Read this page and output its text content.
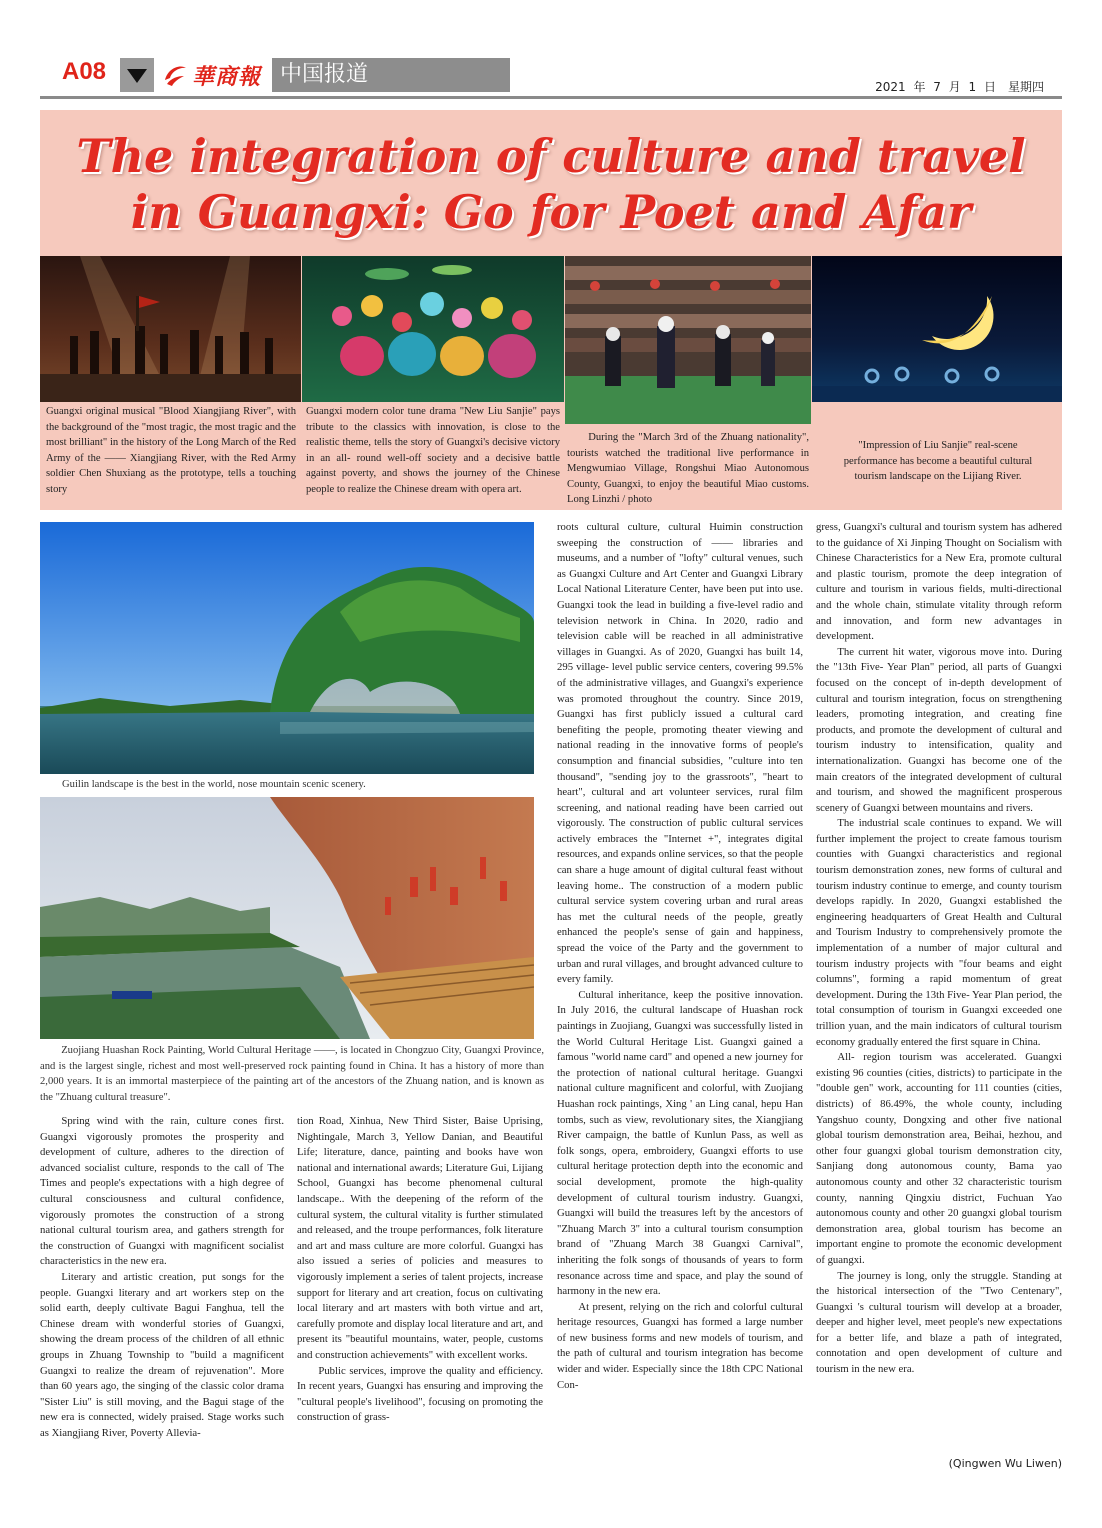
A08	華商報 中国报道	2021 年 7 月 1 日　星期四
The integration of culture and travel
in Guangxi: Go for Poet and Afar

Guangxi original musical "Blood Xiangjiang River", with the background of the "most tragic, the most tragic and the most brilliant" in the history of the Long March of the Red Army of the —— Xiangjiang River, with the Red Army soldier Chen Shuxiang as the prototype, tells a touching story

Guangxi modern color tune drama "New Liu Sanjie" pays tribute to the classics with innovation, is close to the realistic theme, tells the story of Guangxi's decisive victory in an all- round well-off society and a decisive battle against poverty, and shows the journey of the Chinese people to realize the Chinese dream with opera art.

During the "March 3rd of the Zhuang nationality", tourists watched the traditional live performance in Mengwumiao Village, Rongshui Miao Autonomous County, Guangxi, to enjoy the beautiful Miao customs. Long Linzhi / photo

"Impression of Liu Sanjie" real-scene performance has become a beautiful cultural tourism landscape on the Lijiang River.

Guilin landscape is the best in the world, nose mountain scenic scenery.

Zuojiang Huashan Rock Painting, World Cultural Heritage ——, is located in Chongzuo City, Guangxi Province, and is the largest single, richest and most well-preserved rock painting found in China. It has a history of more than 2,000 years. It is an immortal masterpiece of the painting art of the ancestors of the Zhuang nation, and is known as the "Zhuang cultural treasure".

Spring wind with the rain, culture cones first. Guangxi vigorously promotes the prosperity and development of culture, adheres to the direction of advanced socialist culture, responds to the call of The Times and people's expectations with a high degree of cultural consciousness and cultural confidence, vigorously promotes the construction of a strong national cultural tourism area, and gathers strength for the construction of Guangxi with magnificent socialist characteristics in the new era.

Literary and artistic creation, put songs for the people. Guangxi literary and art workers step on the solid earth, deeply cultivate Bagui Fanghua, tell the Chinese dream with wonderful stories of Guangxi, showing the dream process of the children of all ethnic groups in Zhuang Township to "build a magnificent Guangxi to realize the dream of rejuvenation". More than 60 years ago, the singing of the classic color drama "Sister Liu" is still moving, and the Bagui stage of the new era is connected, widely praised. Stage works such as Xiangjiang River, Poverty Allevia-

tion Road, Xinhua, New Third Sister, Baise Uprising, Nightingale, March 3, Yellow Danian, and Beautiful Life; literature, dance, painting and books have won national and international awards; Literature Gui, Lijiang School, Guangxi has become phenomenal cultural landscape.. With the deepening of the reform of the cultural system, the cultural vitality is further stimulated and released, and the troupe performances, folk literature and art and mass culture are more colorful. Guangxi has also issued a series of policies and measures to vigorously implement a series of talent projects, increase support for literary and art creation, focus on cultivating local literary and art masters with both virtue and art, carefully promote and display local literature and art, and present its "beautiful mountains, water, people, customs and construction achievements" with excellent works.

Public services, improve the quality and efficiency. In recent years, Guangxi has ensuring and improving the "cultural people's livelihood", focusing on promoting the construction of grass-

roots cultural culture, cultural Huimin construction sweeping the construction of —— libraries and museums, and a number of "lofty" cultural venues, such as Guangxi Culture and Art Center and Guangxi Library Local National Literature Center, have been put into use. Guangxi took the lead in building a five-level radio and television network in China. In 2020, radio and television cable will be reached in all administrative villages in Guangxi. As of 2020, Guangxi has built 14, 295 village- level public service centers, covering 99.5% of the administrative villages, and Guangxi's experience was promoted throughout the country. Since 2019, Guangxi has first publicly issued a cultural card benefiting the people, promoting theater viewing and national reading in the innovative forms of people's consumption and financial subsidies, "culture into ten thousand", "sending joy to the grassroots", "heart to heart", cultural and art volunteer services, rural film screening, and national reading have been carried out vigorously. The construction of public cultural services actively embraces the "Internet +", integrates digital resources, and expands online services, so that the people can share a huge amount of digital cultural feast without leaving home.. The construction of a modern public cultural service system covering urban and rural areas has met the cultural needs of the people, greatly enhanced the people's sense of gain and happiness, spread the voice of the Party and the government to urban and rural villages, and brought advanced culture to every family.

Cultural inheritance, keep the positive innovation. In July 2016, the cultural landscape of Huashan rock paintings in Zuojiang, Guangxi was successfully listed in the World Cultural Heritage List. Guangxi gained a famous "world name card" and opened a new journey for the protection of national cultural heritage. Guangxi national culture magnificent and colorful, with Zuojiang Huashan rock paintings, Xing ' an Ling canal, hepu Han tombs, such as view, revolutionary sites, the Xiangjiang River campaign, the battle of Kunlun Pass, as well as folk songs, opera, embroidery, Guangxi efforts to use cultural heritage protection depth into the economic and social development, promote the high-quality development of cultural tourism industry. Guangxi, Guangxi will build the treasures left by the ancestors of "Zhuang March 3" into a cultural tourism consumption brand of "Zhuang March 38 Guangxi Carnival", inheriting the folk songs of thousands of years to form resonance across time and space, and play the sound of harmony in the new era.

At present, relying on the rich and colorful cultural heritage resources, Guangxi has formed a large number of new business forms and new models of tourism, and the path of cultural and tourism integration has become wider and wider. Especially since the 18th CPC National Con-

gress, Guangxi's cultural and tourism system has adhered to the guidance of Xi Jinping Thought on Socialism with Chinese Characteristics for a New Era, promote cultural and plastic tourism, promote the deep integration of culture and tourism in various fields, multi-directional and the whole chain, stimulate vitality through reform and innovation, and form new advantages in development.

The current hit water, vigorous move into. During the "13th Five- Year Plan" period, all parts of Guangxi focused on the concept of in-depth development of cultural and tourism integration, focus on strengthening leaders, promoting integration, and creating fine products, and promote the development of cultural and tourism industry to intensification, quality and internationalization. Guangxi has become one of the main creators of the integrated development of cultural and tourism, and showed the magnificent prosperous scenery of Guangxi between mountains and rivers.

The industrial scale continues to expand. We will further implement the project to create famous tourism counties with Guangxi characteristics and regional tourism demonstration zones, new forms of cultural and tourism industry continue to emerge, and county tourism develops rapidly. In 2020, Guangxi established the engineering headquarters of Great Health and Cultural and Tourism Industry to comprehensively promote the implementation of a number of major cultural and tourism industry projects with "four beams and eight columns", forming a rapid momentum of great development. During the 13th Five- Year Plan period, the total consumption of tourism in Guangxi exceeded one trillion yuan, and the main indicators of cultural tourism economy gradually entered the first square in China.

All- region tourism was accelerated. Guangxi existing 96 counties (cities, districts) to participate in the "double gen" work, accounting for 111 counties (cities, districts) of 86.49%, the whole county, including Yangshuo county, Dongxing and other five national global tourism demonstration area, Beihai, hezhou, and other four guangxi global tourism demonstration city, Sanjiang dong autonomous county, Bama yao autonomous county and other 32 characteristic tourism county, nanning Qingxiu district, Fuchuan Yao autonomous county and other 20 guangxi global tourism demonstration area, global tourism has become an important engine to promote the economic development of guangxi.

The journey is long, only the struggle. Standing at the historical intersection of the "Two Centenary", Guangxi 's cultural tourism will develop at a broader, deeper and higher level, meet people's new expectations for a better life, and blaze a path of integrated, connotation and open development of culture and tourism in the new era.

(Qingwen Wu Liwen)
